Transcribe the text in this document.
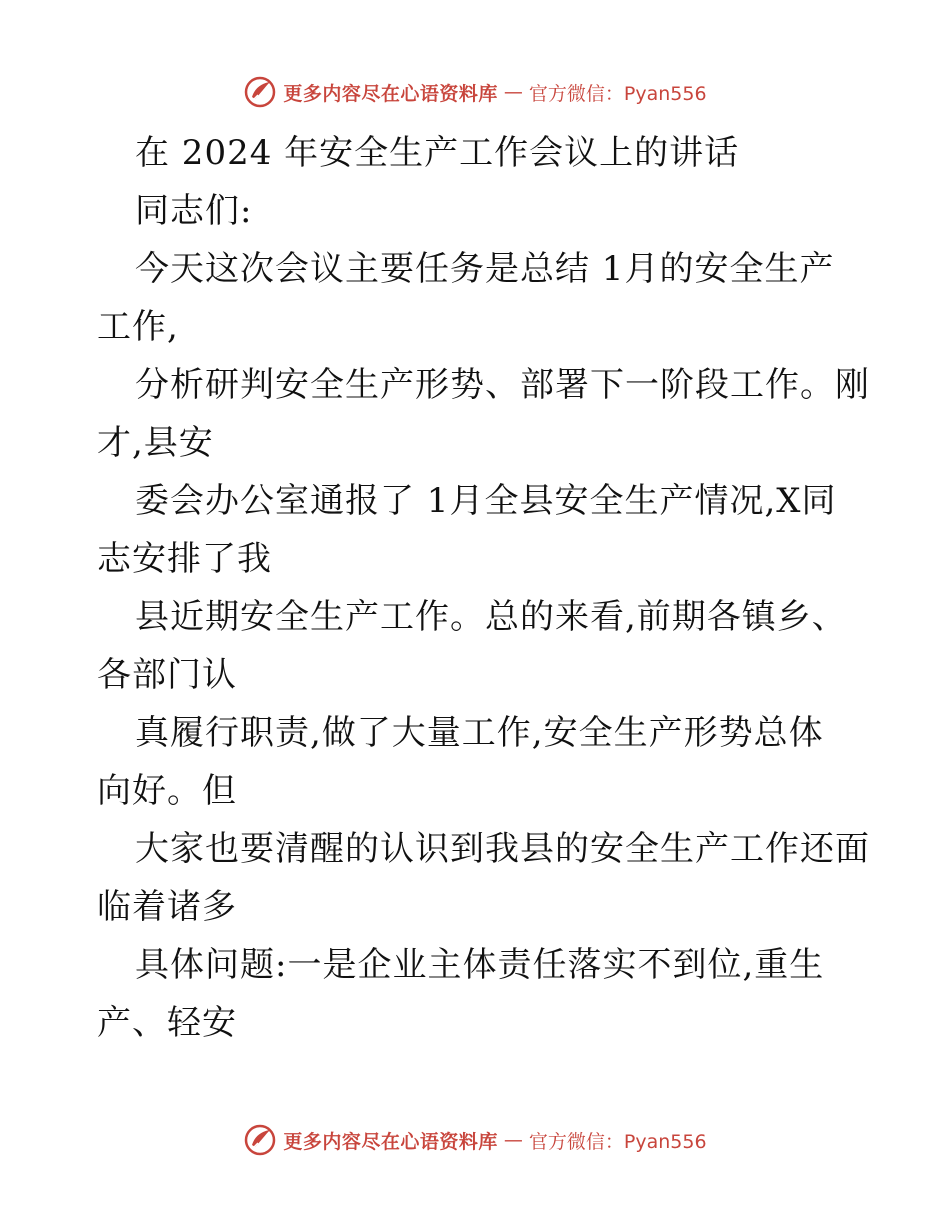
更多内容尽在心语资料库 — 官方微信：Pyan556
在 2024 年安全生产工作会议上的讲话
同志们:
今天这次会议主要任务是总结 1月的安全生产
工作,
分析研判安全生产形势、部署下一阶段工作。刚
才,县安
委会办公室通报了 1月全县安全生产情况,X同
志安排了我
县近期安全生产工作。总的来看,前期各镇乡、
各部门认
真履行职责,做了大量工作,安全生产形势总体
向好。但
大家也要清醒的认识到我县的安全生产工作还面
临着诸多
具体问题:一是企业主体责任落实不到位,重生
产、轻安
更多内容尽在心语资料库 — 官方微信：Pyan556
